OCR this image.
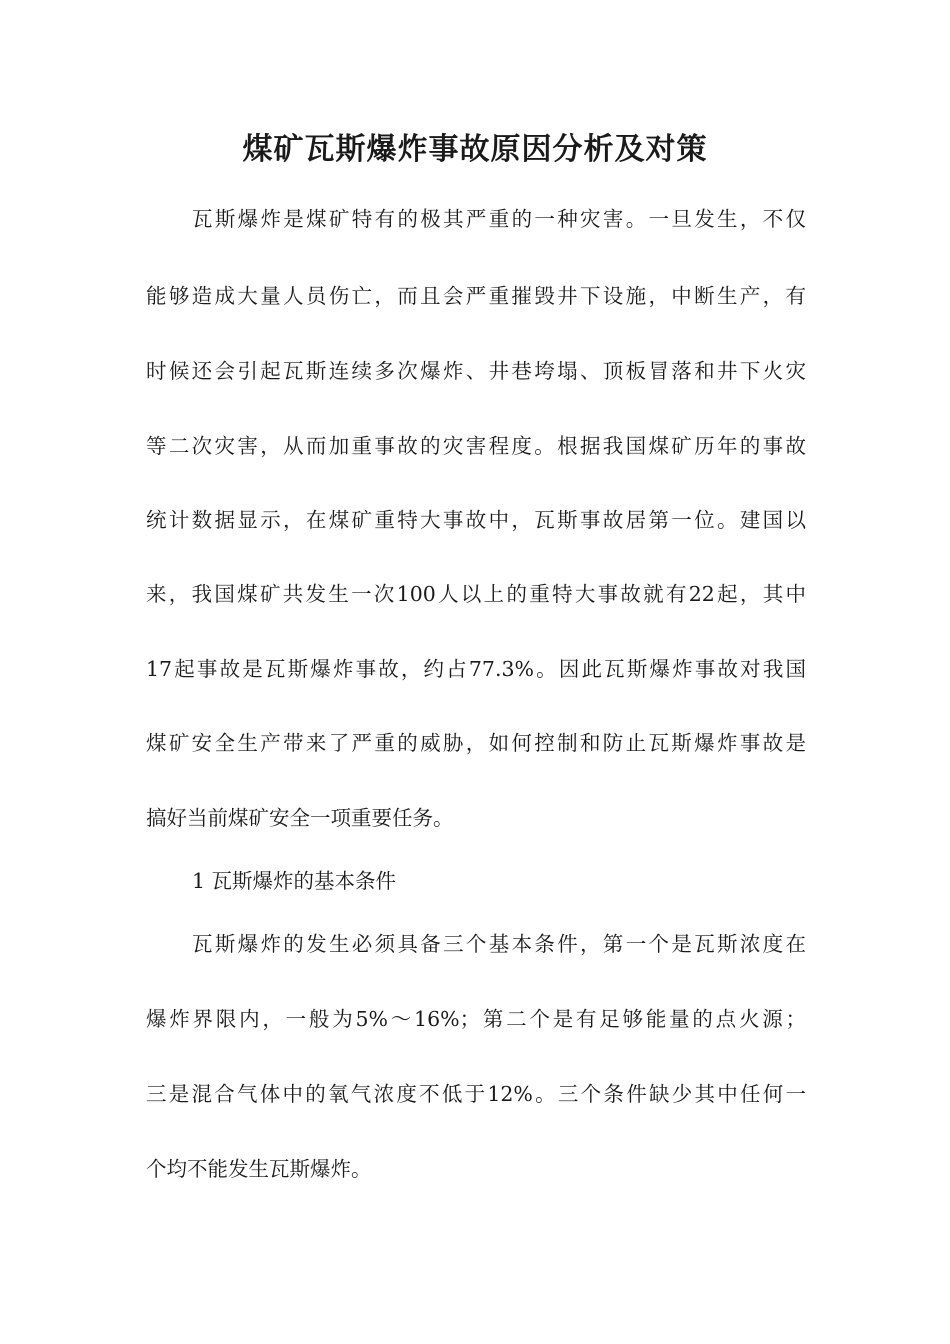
煤矿瓦斯爆炸事故原因分析及对策

瓦斯爆炸是煤矿特有的极其严重的一种灾害。一旦发生，不仅

能够造成大量人员伤亡，而且会严重摧毁井下设施，中断生产，有

时候还会引起瓦斯连续多次爆炸、井巷垮塌、顶板冒落和井下火灾

等二次灾害，从而加重事故的灾害程度。根据我国煤矿历年的事故

统计数据显示，在煤矿重特大事故中，瓦斯事故居第一位。建国以

来，我国煤矿共发生一次100人以上的重特大事故就有22起，其中

17起事故是瓦斯爆炸事故，约占77.3%。因此瓦斯爆炸事故对我国

煤矿安全生产带来了严重的威胁，如何控制和防止瓦斯爆炸事故是

搞好当前煤矿安全一项重要任务。

1 瓦斯爆炸的基本条件

瓦斯爆炸的发生必须具备三个基本条件，第一个是瓦斯浓度在

爆炸界限内，一般为5%～16%；第二个是有足够能量的点火源；

三是混合气体中的氧气浓度不低于12%。三个条件缺少其中任何一

个均不能发生瓦斯爆炸。
